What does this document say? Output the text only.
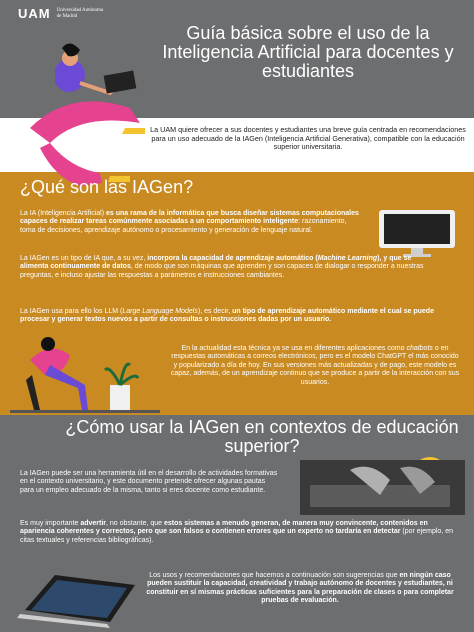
UAM Universidad Autónoma
de Madrid
Guía básica sobre el uso de la Inteligencia Artificial para docentes y estudiantes
La UAM quiere ofrecer a sus docentes y estudiantes una breve guía centrada en recomendaciones para un uso adecuado de la IAGen (Inteligencia Artificial Generativa), compatible con la educación superior universitaria.
¿Qué son las IAGen?
La IA (Inteligencia Artificial) es una rama de la informática que busca diseñar sistemas computacionales capaces de realizar tareas comúnmente asociadas a un comportamiento inteligente: razonamiento, toma de decisiones, aprendizaje autónomo o procesamiento y generación de lenguaje natural.
La IAGen es un tipo de IA que, a su vez, incorpora la capacidad de aprendizaje automático (Machine Learning), y que se alimenta continuamente de datos, de modo que son máquinas que aprenden y son capaces de dialogar o responder a nuestras preguntas, e incluso ajustar las respuestas a parámetros e instrucciones cambiantes.
La IAGen usa para ello los LLM (Large Language Models), es decir, un tipo de aprendizaje automático mediante el cual se puede procesar y generar textos nuevos a partir de consultas o instrucciones dadas por un usuario.
En la actualidad esta técnica ya se usa en diferentes aplicaciones como chatbots o en respuestas automáticas a correos electrónicos, pero es el modelo ChatGPT el más conocido y popularizado a día de hoy. En sus versiones más actualizadas y de pago, este modelo es capaz, además, de un aprendizaje continuo que se produce a partir de la interacción con sus usuarios.
¿Cómo usar la IAGen en contextos de educación superior?
La IAGen puede ser una herramienta útil en el desarrollo de actividades formativas en el contexto universitario, y este documento pretende ofrecer algunas pautas para un empleo adecuado de la misma, tanto si eres docente como estudiante.
Es muy importante advertir, no obstante, que estos sistemas a menudo generan, de manera muy convincente, contenidos en apariencia coherentes y correctos, pero que son falsos o contienen errores que un experto no tardaría en detectar (por ejemplo, en citas textuales y referencias bibliográficas).
Los usos y recomendaciones que hacemos a continuación son sugerencias que en ningún caso pueden sustituir la capacidad, creatividad y trabajo autónomo de docentes y estudiantes, ni constituir en sí mismas prácticas suficientes para la preparación de clases o para completar pruebas de evaluación.
